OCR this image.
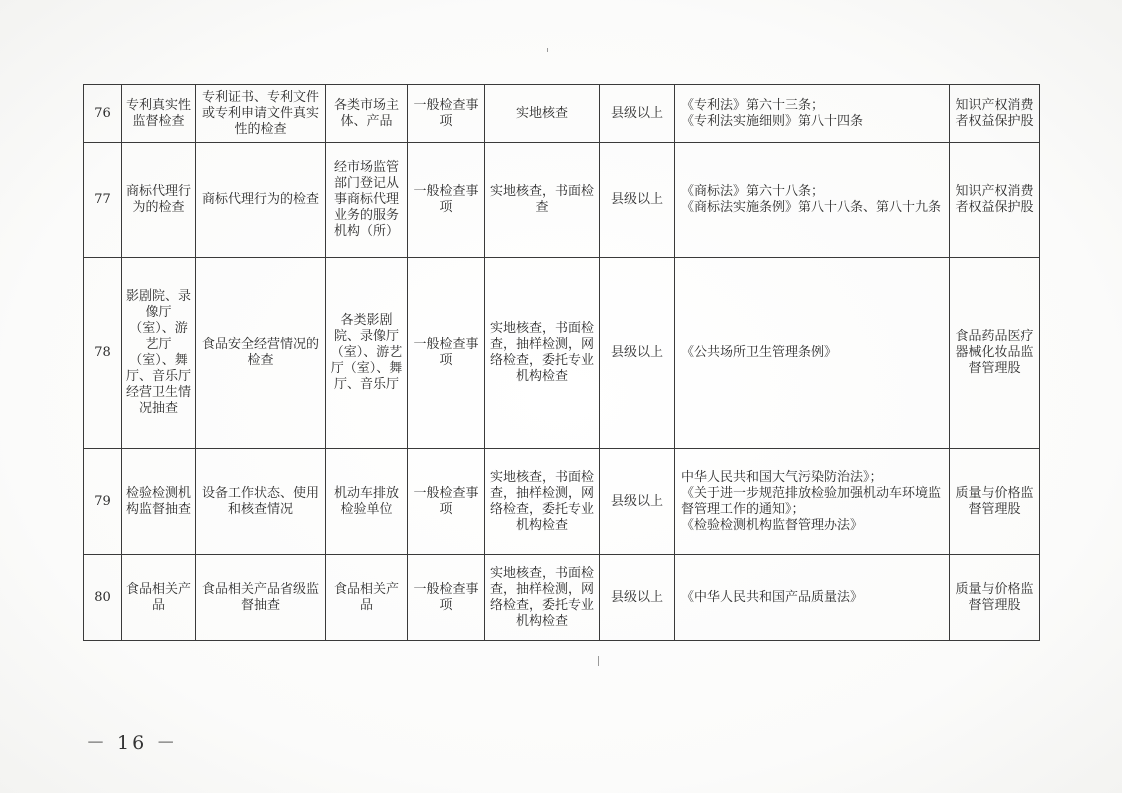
76	专利真实性监督检查	专利证书、专利文件或专利申请文件真实性的检查	各类市场主体、产品	一般检查事项	实地核查	县级以上	《专利法》第六十三条；
《专利法实施细则》第八十四条	知识产权消费者权益保护股
77	商标代理行为的检查	商标代理行为的检查	经市场监管部门登记从事商标代理业务的服务机构（所）	一般检查事项	实地核查，书面检查	县级以上	《商标法》第六十八条；
《商标法实施条例》第八十八条、第八十九条	知识产权消费者权益保护股
78	影剧院、录像厅（室）、游艺厅（室）、舞厅、音乐厅经营卫生情况抽查	食品安全经营情况的检查	各类影剧院、录像厅（室）、游艺厅（室）、舞厅、音乐厅	一般检查事项	实地核查，书面检查，抽样检测，网络检查，委托专业机构检查	县级以上	《公共场所卫生管理条例》	食品药品医疗器械化妆品监督管理股
79	检验检测机构监督抽查	设备工作状态、使用和核查情况	机动车排放检验单位	一般检查事项	实地核查，书面检查，抽样检测，网络检查，委托专业机构检查	县级以上	中华人民共和国大气污染防治法》；
《关于进一步规范排放检验加强机动车环境监督管理工作的通知》；
《检验检测机构监督管理办法》	质量与价格监督管理股
80	食品相关产品	食品相关产品省级监督抽查	食品相关产品	一般检查事项	实地核查，书面检查，抽样检测，网络检查，委托专业机构检查	县级以上	《中华人民共和国产品质量法》	质量与价格监督管理股
－ 16 －
